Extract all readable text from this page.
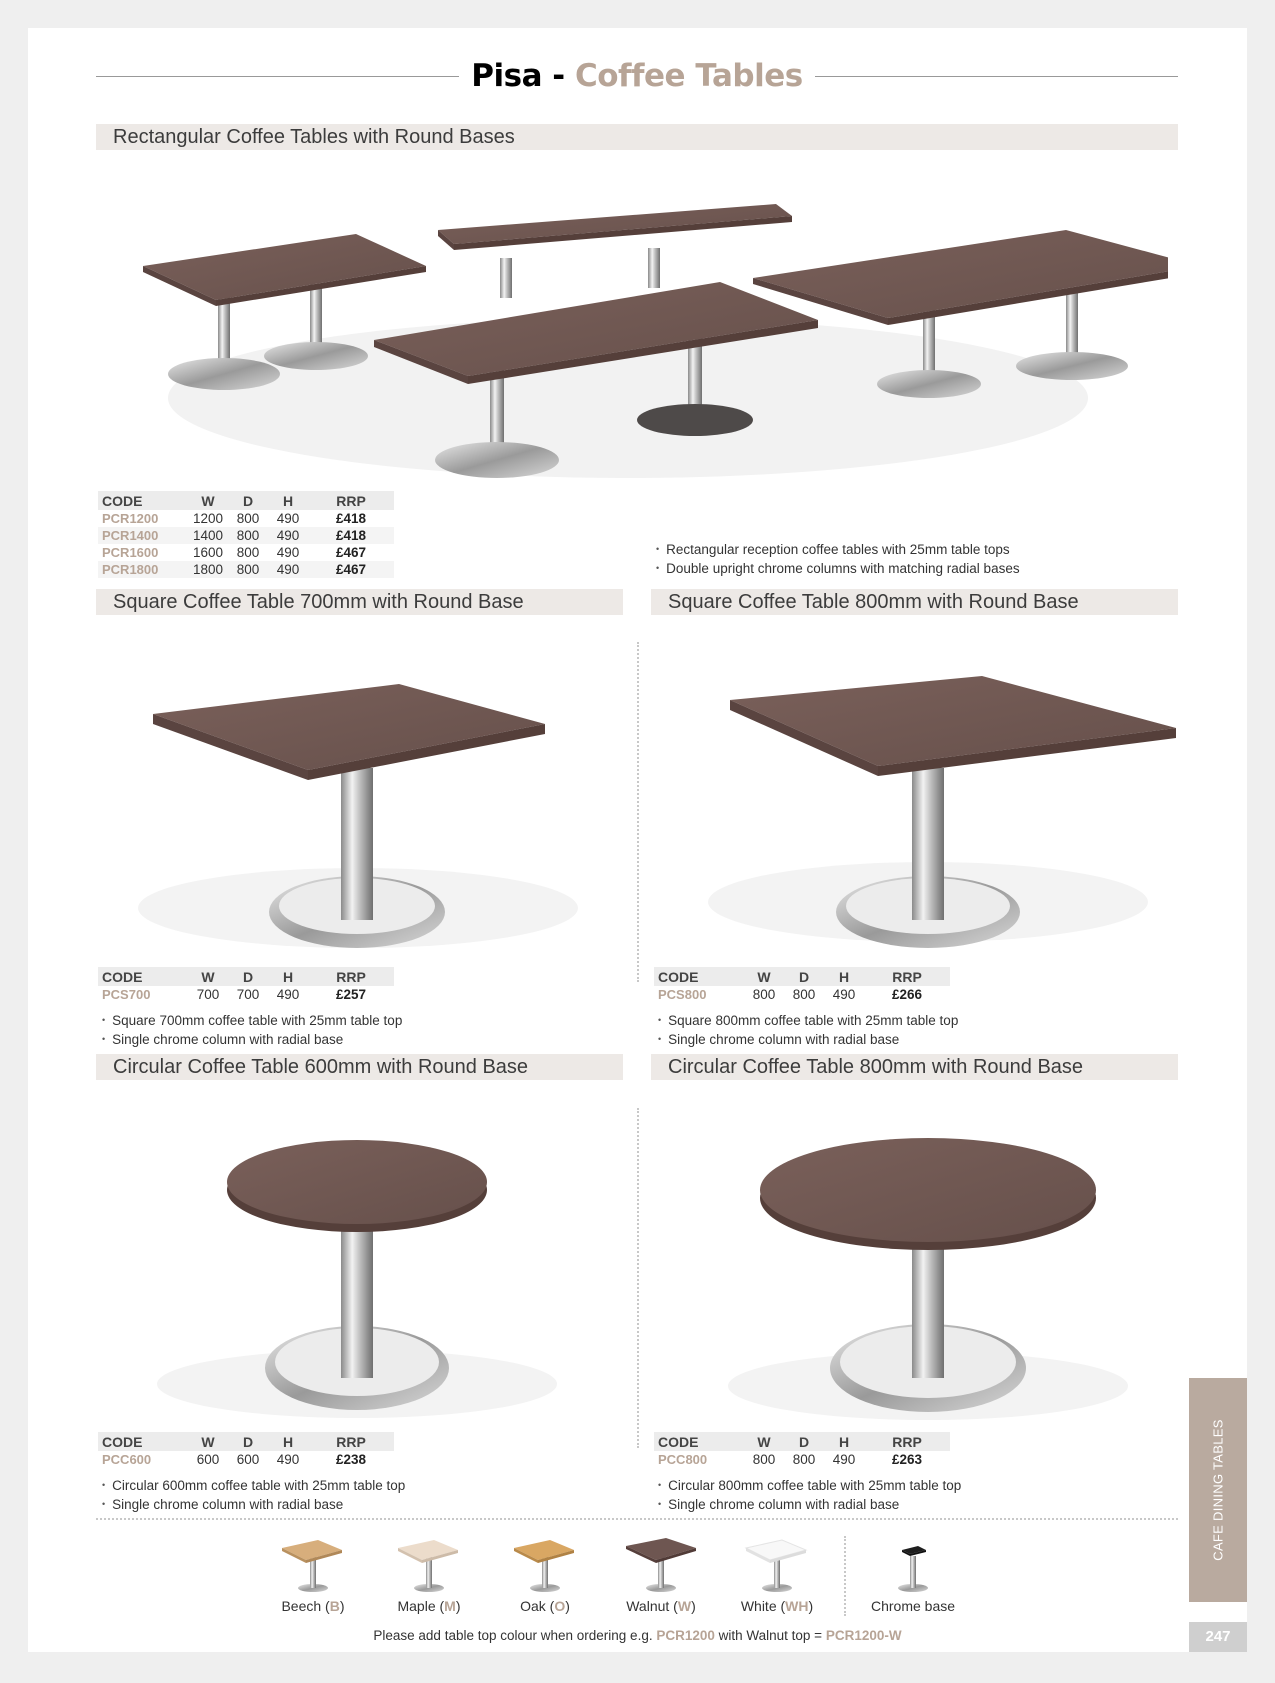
Pisa - Coffee Tables
Rectangular Coffee Tables with Round Bases
CODE	W	D	H	RRP
PCR1200	1200	800	490	£418
PCR1400	1400	800	490	£418
PCR1600	1600	800	490	£467
PCR1800	1800	800	490	£467
• Rectangular reception coffee tables with 25mm table tops
• Double upright chrome columns with matching radial bases
Square Coffee Table 700mm with Round Base	Square Coffee Table 800mm with Round Base
CODE	W	D	H	RRP
PCS700	700	700	490	£257
• Square 700mm coffee table with 25mm table top
• Single chrome column with radial base
CODE	W	D	H	RRP
PCS800	800	800	490	£266
• Square 800mm coffee table with 25mm table top
• Single chrome column with radial base
Circular Coffee Table 600mm with Round Base	Circular Coffee Table 800mm with Round Base
CODE	W	D	H	RRP
PCC600	600	600	490	£238
• Circular 600mm coffee table with 25mm table top
• Single chrome column with radial base
CODE	W	D	H	RRP
PCC800	800	800	490	£263
• Circular 800mm coffee table with 25mm table top
• Single chrome column with radial base
Beech (B)	Maple (M)	Oak (O)	Walnut (W)	White (WH)	Chrome base
Please add table top colour when ordering e.g. PCR1200 with Walnut top = PCR1200-W
CAFE DINING TABLES
247
